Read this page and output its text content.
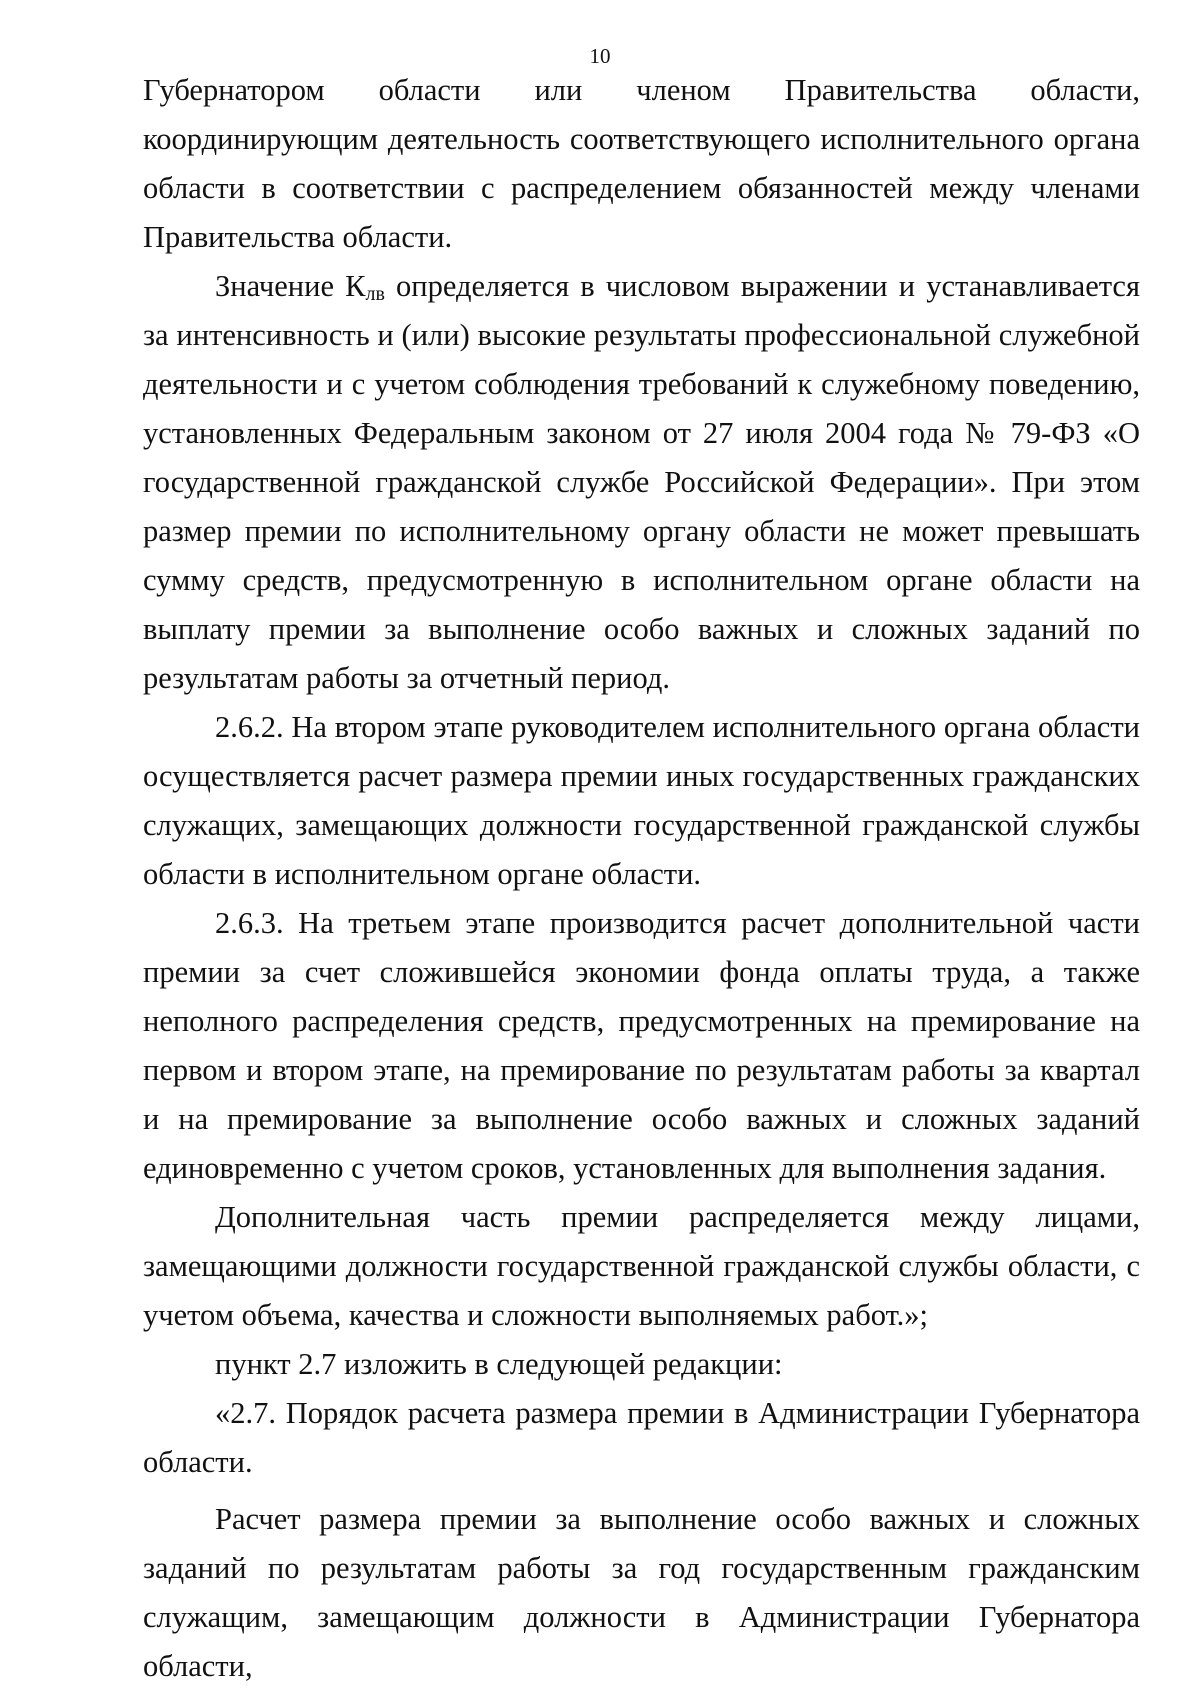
10

Губернатором области или членом Правительства области, координирующим деятельность соответствующего исполнительного органа области в соответствии с распределением обязанностей между членами Правительства области.

Значение $К_{лв}$ определяется в числовом выражении и устанавливается за интенсивность и (или) высокие результаты профессиональной служебной деятельности и с учетом соблюдения требований к служебному поведению, установленных Федеральным законом от 27 июля 2004 года № 79-ФЗ «О государственной гражданской службе Российской Федерации». При этом размер премии по исполнительному органу области не может превышать сумму средств, предусмотренную в исполнительном органе области на выплату премии за выполнение особо важных и сложных заданий по результатам работы за отчетный период.

2.6.2. На втором этапе руководителем исполнительного органа области осуществляется расчет размера премии иных государственных гражданских служащих, замещающих должности государственной гражданской службы области в исполнительном органе области.

2.6.3. На третьем этапе производится расчет дополнительной части премии за счет сложившейся экономии фонда оплаты труда, а также неполного распределения средств, предусмотренных на премирование на первом и втором этапе, на премирование по результатам работы за квартал и на премирование за выполнение особо важных и сложных заданий единовременно с учетом сроков, установленных для выполнения задания.

Дополнительная часть премии распределяется между лицами, замещающими должности государственной гражданской службы области, с учетом объема, качества и сложности выполняемых работ.»;

пункт 2.7 изложить в следующей редакции:

«2.7. Порядок расчета размера премии в Администрации Губернатора области.

Расчет размера премии за выполнение особо важных и сложных заданий по результатам работы за год государственным гражданским служащим, замещающим должности в Администрации Губернатора области,
